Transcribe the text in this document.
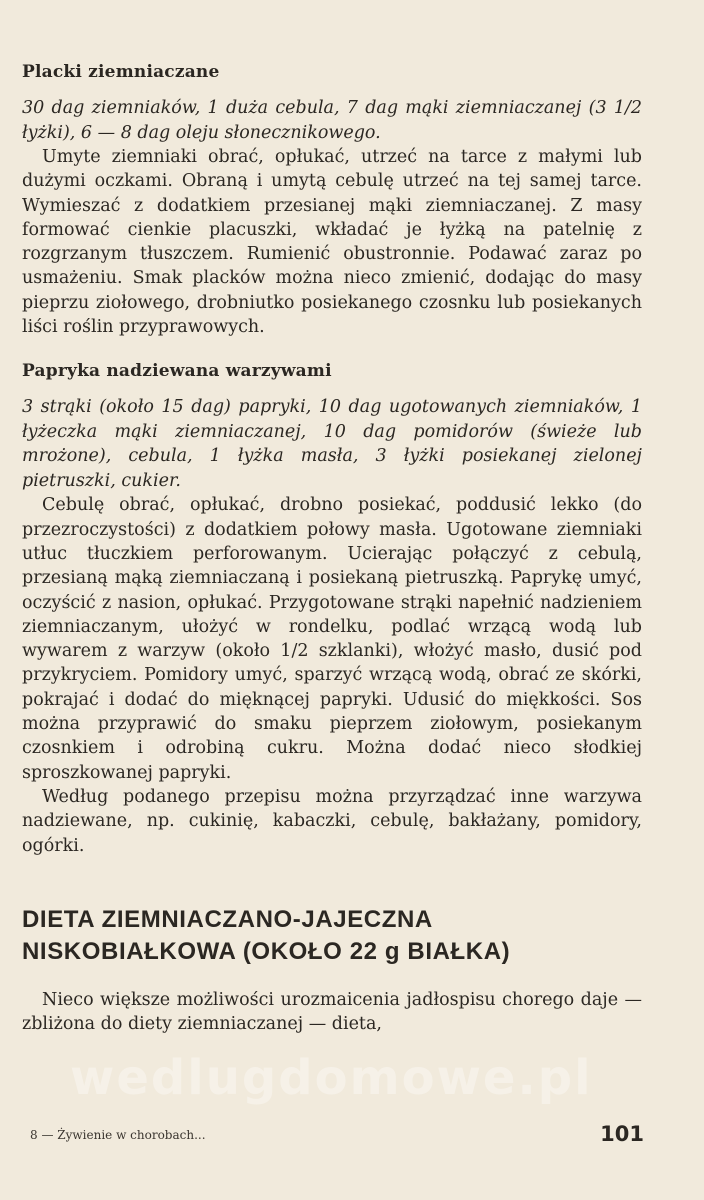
Placki ziemniaczane

30 dag ziemniaków, 1 duża cebula, 7 dag mąki ziemniaczanej (3 1/2 łyżki), 6 — 8 dag oleju słonecznikowego.

Umyte ziemniaki obrać, opłukać, utrzeć na tarce z małymi lub dużymi oczkami. Obraną i umytą cebulę utrzeć na tej samej tarce. Wymieszać z dodatkiem przesianej mąki ziemniaczanej. Z masy formować cienkie placuszki, wkładać je łyżką na patelnię z rozgrzanym tłuszczem. Rumienić obustronnie. Podawać zaraz po usmażeniu. Smak placków można nieco zmienić, dodając do masy pieprzu ziołowego, drobniutko posiekanego czosnku lub posiekanych liści roślin przyprawowych.

Papryka nadziewana warzywami

3 strąki (około 15 dag) papryki, 10 dag ugotowanych ziemniaków, 1 łyżeczka mąki ziemniaczanej, 10 dag pomidorów (świeże lub mrożone), cebula, 1 łyżka masła, 3 łyżki posiekanej zielonej pietruszki, cukier.

Cebulę obrać, opłukać, drobno posiekać, poddusić lekko (do przezroczystości) z dodatkiem połowy masła. Ugotowane ziemniaki utłuc tłuczkiem perforowanym. Ucierając połączyć z cebulą, przesianą mąką ziemniaczaną i posiekaną pietruszką. Paprykę umyć, oczyścić z nasion, opłukać. Przygotowane strąki napełnić nadzieniem ziemniaczanym, ułożyć w rondelku, podlać wrzącą wodą lub wywarem z warzyw (około 1/2 szklanki), włożyć masło, dusić pod przykryciem. Pomidory umyć, sparzyć wrzącą wodą, obrać ze skórki, pokrajać i dodać do mięknącej papryki. Udusić do miękkości. Sos można przyprawić do smaku pieprzem ziołowym, posiekanym czosnkiem i odrobiną cukru. Można dodać nieco słodkiej sproszkowanej papryki.

Według podanego przepisu można przyrządzać inne warzywa nadziewane, np. cukinię, kabaczki, cebulę, bakłażany, pomidory, ogórki.

DIETA ZIEMNIACZANO-JAJECZNA NISKOBIAŁKOWA (OKOŁO 22 g BIAŁKA)

Nieco większe możliwości urozmaicenia jadłospisu chorego daje — zbliżona do diety ziemniaczanej — dieta,

wedlugdomowe.pl
8 — Żywienie w chorobach...	101
